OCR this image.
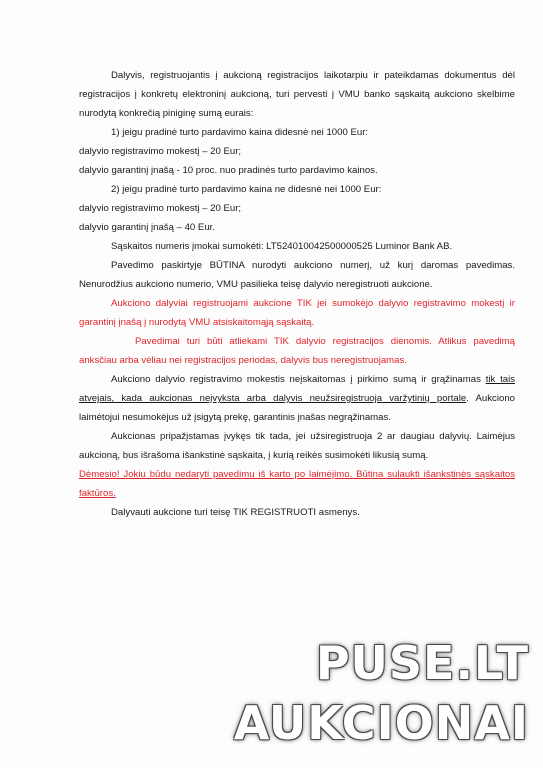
Dalyvis, registruojantis į aukcioną registracijos laikotarpiu ir pateikdamas dokumentus dėl registracijos į konkretų elektroninį aukcioną, turi pervesti į VMU banko sąskaitą aukciono skelbime nurodytą konkrečią piniginę sumą eurais:

1) jeigu pradinė turto pardavimo kaina didesnė nei 1000 Eur:
dalyvio registravimo mokestį – 20 Eur;
dalyvio garantinį įnašą - 10 proc. nuo pradinės turto pardavimo kainos.
2) jeigu pradinė turto pardavimo kaina ne didesnė nei 1000 Eur:
dalyvio registravimo mokestį – 20 Eur;
dalyvio garantinį įnašą – 40 Eur.
Sąskaitos numeris įmokai sumokėti: LT524010042500000525 Luminor Bank AB.

Pavedimo paskirtyje BŪTINA nurodyti aukciono numerį, už kurį daromas pavedimas. Nenurodžius aukciono numerio, VMU pasilieka teisę dalyvio neregistruoti aukcione.

Aukciono dalyviai registruojami aukcione TIK jei sumokėjo dalyvio registravimo mokestį ir garantinį įnašą į nurodytą VMU atsiskaitomąją sąskaitą.

Pavedimai turi būti atliekami TIK dalyvio registracijos dienomis. Atlikus pavedimą anksčiau arba vėliau nei registracijos periodas, dalyvis bus neregistruojamas.

Aukciono dalyvio registravimo mokestis neįskaitomas į pirkimo sumą ir grąžinamas tik tais atvejais, kada aukcionas neįvyksta arba dalyvis neužsiregistruoja varžytinių portale. Aukciono laimėtojui nesumokėjus už įsigytą prekę, garantinis įnašas negrąžinamas.

Aukcionas pripažįstamas įvykęs tik tada, jei užsiregistruoja 2 ar daugiau dalyvių. Laimėjus aukcioną, bus išrašoma išankstinė sąskaita, į kurią reikės susimokėti likusią sumą.

Dėmesio! Jokiu būdu nedaryti pavedimu iš karto po laimėjimo. Būtina sulaukti išankstinės sąskaitos faktūros.

Dalyvauti aukcione turi teisę TIK REGISTRUOTI asmenys.

PUSE.LT
AUKCIONAI
